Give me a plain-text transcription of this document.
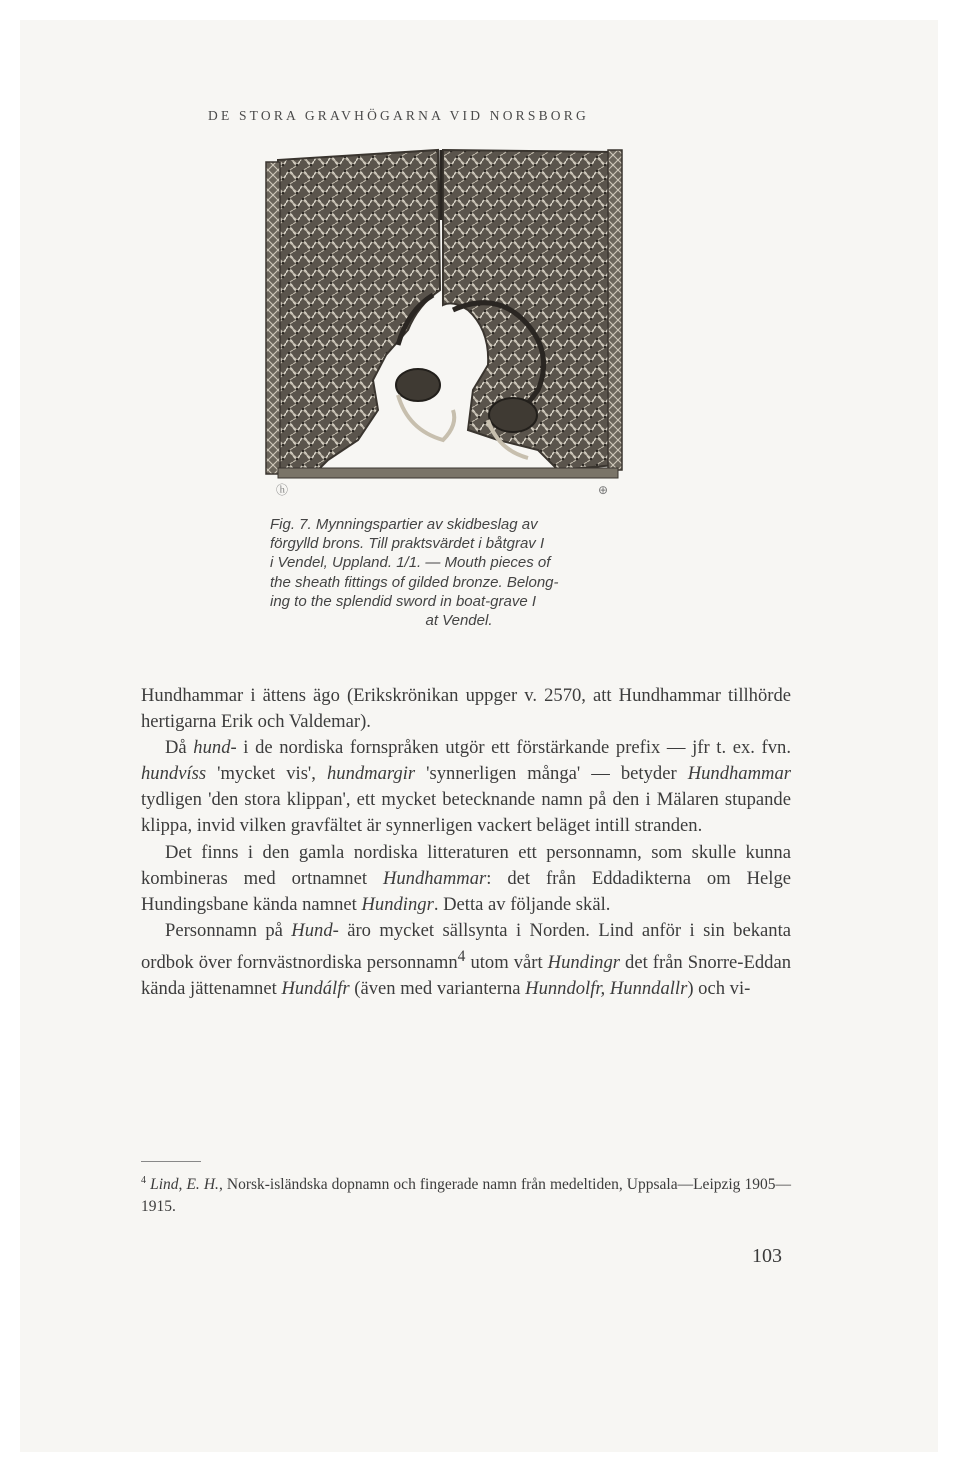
DE STORA GRAVHÖGARNA VID NORSBORG
ⓗ	⊕
Fig. 7. Mynningspartier av skidbeslag av
förgylld brons. Till praktsvärdet i båtgrav I
i Vendel, Uppland. 1/1. — Mouth pieces of
the sheath fittings of gilded bronze. Belong-
ing to the splendid sword in boat-grave I
at Vendel.

Hundhammar i ättens ägo (Erikskrönikan uppger v. 2570, att Hundhammar tillhörde hertigarna Erik och Valdemar).

Då hund- i de nordiska fornspråken utgör ett förstärkande prefix — jfr t. ex. fvn. hundvíss 'mycket vis', hundmargir 'synnerligen många' — betyder Hundhammar tydligen 'den stora klippan', ett mycket betecknande namn på den i Mälaren stupande klippa, invid vilken gravfältet är synnerligen vackert beläget intill stranden.

Det finns i den gamla nordiska litteraturen ett personnamn, som skulle kunna kombineras med ortnamnet Hundhammar: det från Eddadikterna om Helge Hundingsbane kända namnet Hundingr. Detta av följande skäl.

Personnamn på Hund- äro mycket sällsynta i Norden. Lind anför i sin bekanta ordbok över fornvästnordiska personnamn$^4$ utom vårt Hundingr det från Snorre-Eddan kända jättenamnet Hundálfr (även med varianterna Hunndolfr, Hunndallr) och vi-

$^4$ Lind, E. H., Norsk-isländska dopnamn och fingerade namn från medeltiden, Uppsala—Leipzig 1905—1915.
103
